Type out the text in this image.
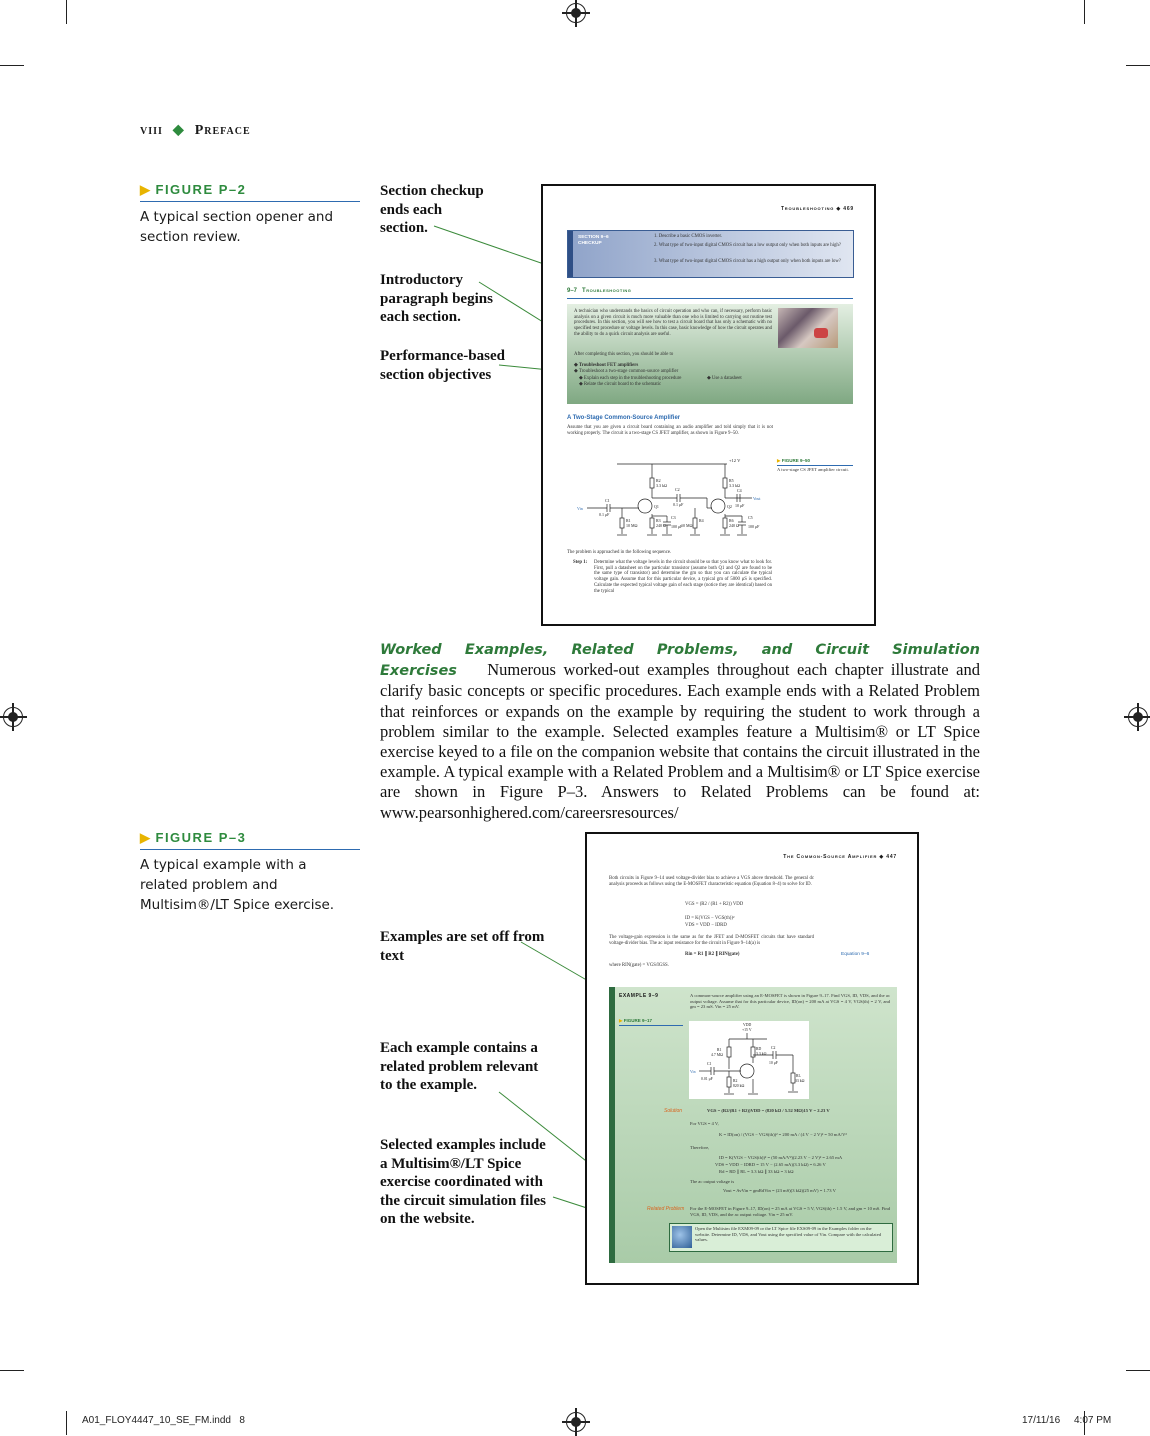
viii ◆ Preface
▶ FIGURE P–2
A typical section opener and section review.
Section checkup ends each section.
Introductory paragraph begins each section.
Performance-based section objectives
Troubleshooting ◆ 469
SECTION 9–6 CHECKUP
1. Describe a basic CMOS inverter.
2. What type of two-input digital CMOS circuit has a low output only when both inputs are high?
3. What type of two-input digital CMOS circuit has a high output only when both inputs are low?
9–7 Troubleshooting
A technician who understands the basics of circuit operation and who can, if necessary, perform basic analysis on a given circuit is much more valuable than one who is limited to carrying out routine test procedures. In this section, you will see how to test a circuit board that has only a schematic with no specified test procedure or voltage levels. In this case, basic knowledge of how the circuit operates and the ability to do a quick circuit analysis are useful.
After completing this section, you should be able to
◆ Troubleshoot FET amplifiers
◆ Troubleshoot a two-stage common-source amplifier
◆ Explain each step in the troubleshooting procedure	◆ Use a datasheet
◆ Relate the circuit board to the schematic
A Two-Stage Common-Source Amplifier
Assume that you are given a circuit board containing an audio amplifier and told simply that it is not working properly. The circuit is a two-stage CS JFET amplifier, as shown in Figure 9–50.
+12 V
R2
3.3 kΩ
R5
3.3 kΩ
C2
0.1 μF
C4
10 μF
C1
0.1 μF
Q1	Q2
R1
10 MΩ
R3
240 Ω
C3
100 μF
R4
10 MΩ
R6
240 Ω
C5
100 μF
Vin
Vout
▶ FIGURE 9–50
A two-stage CS JFET amplifier circuit.
The problem is approached in the following sequence.
Step 1: Determine what the voltage levels in the circuit should be so that you know what to look for. First, pull a datasheet on the particular transistor (assume both Q1 and Q2 are found to be the same type of transistor) and determine the gm so that you can calculate the typical voltage gain. Assume that for this particular device, a typical gm of 5000 μS is specified. Calculate the expected typical voltage gain of each stage (notice they are identical) based on the typical
Worked Examples, Related Problems, and Circuit Simulation Exercises Numerous worked-out examples throughout each chapter illustrate and clarify basic concepts or specific procedures. Each example ends with a Related Problem that reinforces or expands on the example by requiring the student to work through a problem similar to the example. Selected examples feature a Multisim® or LT Spice exercise keyed to a file on the companion website that contains the circuit illustrated in the example. A typical example with a Related Problem and a Multisim® or LT Spice exercise are shown in Figure P–3. Answers to Related Problems can be found at: www.pearsonhighered.com/careersresources/
▶ FIGURE P–3
A typical example with a related problem and Multisim®/LT Spice exercise.
Examples are set off from text
Each example contains a related problem relevant to the example.
Selected examples include a Multisim®/LT Spice exercise coordinated with the circuit simulation files on the website.
The Common-Source Amplifier ◆ 447
Both circuits in Figure 9–14 used voltage-divider bias to achieve a VGS above threshold. The general dc analysis proceeds as follows using the E-MOSFET characteristic equation (Equation 8–4) to solve for ID.
VGS = (R2 / (R1 + R2)) VDD
ID = K(VGS − VGS(th))²
VDS = VDD − IDRD
The voltage-gain expression is the same as for the JFET and D-MOSFET circuits that have standard voltage-divider bias. The ac input resistance for the circuit in Figure 9–14(a) is
Rin = R1 ∥ R2 ∥ RIN(gate)	Equation 9–6
where RIN(gate) = VGS/IGSS.
EXAMPLE 9–9	A common-source amplifier using an E-MOSFET is shown in Figure 9–17. Find VGS, ID, VDS, and the ac output voltage. Assume that for this particular device, ID(on) = 200 mA at VGS = 4 V, VGS(th) = 2 V, and gm = 23 mS. Vin = 25 mV.
▶ FIGURE 9–17
VDD
+15 V
R1
4.7 MΩ
RD
3.3 kΩ
C2
10 μF
C1
0.01 μF	R2
820 kΩ
RL
33 kΩ
Vin
Solution	VGS = (R2/(R1 + R2))VDD = (820 kΩ / 5.52 MΩ)15 V = 2.23 V
For VGS = 4 V,
K = ID(on) / (VGS − VGS(th))² = 200 mA / (4 V − 2 V)² = 50 mA/V²
Therefore,
ID = K(VGS − VGS(th))² = (50 mA/V²)(2.23 V − 2 V)² = 2.65 mA
VDS = VDD − IDRD = 15 V − (2.65 mA)(3.3 kΩ) = 6.26 V
Rd = RD ∥ RL = 3.3 kΩ ∥ 33 kΩ = 3 kΩ
The ac output voltage is
Vout = AvVin = gmRdVin = (23 mS)(3 kΩ)(25 mV) = 1.73 V
Related Problem For the E-MOSFET in Figure 9–17, ID(on) = 25 mA at VGS = 5 V, VGS(th) = 1.5 V, and gm = 10 mS. Find VGS, ID, VDS, and the ac output voltage. Vin = 25 mV.
Open the Multisim file EXM09-09 or the LT Spice file EXS09-09 in the Examples folder on the website. Determine ID, VDS, and Vout using the specified value of Vin. Compare with the calculated values.
A01_FLOY4447_10_SE_FM.indd   8	17/11/16 4:07 PM
